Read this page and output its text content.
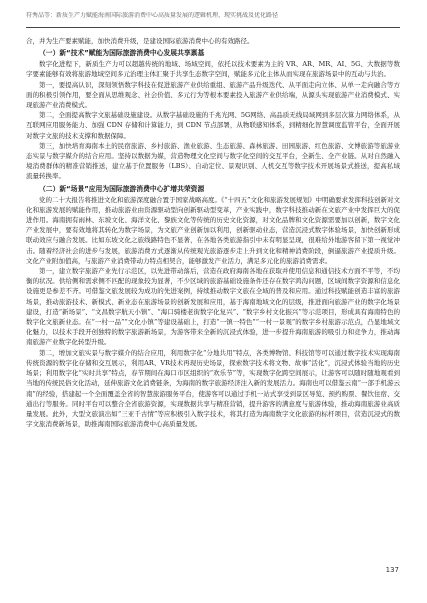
符秀品等：新质生产力赋能海南国际旅游消费中心高质量发展的逻辑机理、现实挑战及优化路径

合，并为生产要素赋能，加快消费升级，是建设国际旅游消费中心的有效路径。

（一）新“技术”赋能为国际旅游消费中心发展共享禀基

数字化进程下，新质生产力可以超越传统的地域、场域空间，依托以技术要素为主的 VR、AR、MR、AI、5G、大数据等数字要素能够有效将旅游地域空间多元治理主体汇聚于共享生态数字空间，赋能多元化主体从而实现在旅游场景中的互动与共治。

第一，要提高认识，深刻领悟数字科技在促进旅游产业供给重组、旅游产品升级迭代、从平面走向立体、从单一走向融合等方面的积极引领作用，要全面从思维观念、社会价值、多元行为等根本要素投入旅游产业供给端，从源头实现旅游产业消费模式、实现旅游产业消费模式。

第二，全面提高数字文旅基础设施建设。从数字基础设施的千兆光网、5G网络、高品质无线局域网到多层次算力网络体系，从互联网应用服务能力、加强 CDN 存储和计算能力，到 CDN 节点部署，从物联感知体系，到精细化智慧调度监管平台，全面开展对数字文旅的技术支撑和数据保障。

第三，加快培育海南本土的民宿旅游、乡村旅游、渔业旅游、生态旅游、森林旅游、田园旅游、红色旅游、文博旅游等旅游业态实景与数字媒介的结合应用。坚持以数据为媒，营造物理文化空间与数字化空间的交互平台，全新生、全产业链。从对自然融入境消费群体的精准营销推送，建立基于位置服务（LBS）、自动定位、景观识别、人机交互等数字技术开展场景式推送，提高私域流量转换率。

（二）新“场景”应用为国际旅游消费中心扩增共荣资源

党的二十大报告将推进文化和旅游深度融合置于国家战略高度。《“十四五”文化和旅游发展规划》中明确要求发挥科技创新对文化和旅游发展的赋能作用，推动旅游业由资源驱动型向创新驱动型变革，产业实践中，数字科技推动新在文旅产业中发挥巨大的促进作用。海南拥有雨林、东坡文化、海洋文化、黎族文化等传统的历史文化资源，对文化品牌和文化资源需要加以创新，数字文化产业发展中，要有效地将其转化为数字场景，为文旅产业创新加以利用，创新驱动业态，营造沉浸式数字体验场景，加快创新形成联动效应与融合发展。比如东坡文化之旅线路特色不显著，在各地各类旅游指引中未有明显呈现，很难给外地游客留下第一视觉冲击。随着经济社会的进步与发展，旅游消费方式逐渐从传统观光旅游逐步走上升到文化和精神消费阶段，倒逼旅游产业提质升级。文化产业附加值高，与旅游产业消费带动力特点相契合，能够激发产业活力，满足多元化的旅游消费需求。

第一，建立数字旅游产业先行示范区，以先进带动落后，营造在政府海南各地在获取并使用信息和通信技术方面不平等，不均衡的状况。供给侧和需求侧不匹配的现象较为显著，不少区域的旅游基础设施条件还存在数字鸿沟问题，区域间数字资源和信息化设施更是参差不齐。可借鉴文旅发展较为成功的先进案例，持续推动数字文旅在全域的普及和应用。通过科技赋能创造丰富的旅游场景，推动旅游技术、新模式、新业态在旅游场景的创新发展和应用，基于海南地域文化的层级，推进面向旅游产业的数字化场景建设，打造“新场景”、“文昌数字航天小镇”、“海口骑楼老街数字化复兴”、“数字乡村文化振兴”等示范项目，形成具有海南特色的数字化文旅新业态。在“一村一品”“文化小镇”等建设基础上，打造“一镇一特色”“一村一景观”的数字乡村旅游示范点，凸显地域文化魅力，以技术手段开创独特的数字旅游新场景，为游客带来全新的沉浸式体验，进一步提升海南旅游的吸引力和竞争力，推动海南旅游产业数字化转型升级。

第二，增加文旅实景与数字媒介的结合应用，利用数字化“分地共用”特点，各类博物馆、科技馆等可以通过数字技术实现海南传统资源的数字化存储和交互展示，利用AR、VR技术再现历史场景，探索数字技术将文物、故事“活化”，沉浸式体验当地的历史场景；利用数字化“实时共享”特点，春节期间在海口市区组织的“欢乐节”等，实现数字化跨空间展示，让游客可以随时随地观看到当地的传统民俗文化活动，延伸旅游文化消费链条，为海南的数字旅游经济注入新的发展活力。海南也可以借鉴云南“一部手机游云南”的经验，搭建起一个全面覆盖全省的智慧旅游服务平台，使游客可以通过手机一站式享受到景区导览、预约购票、餐饮住宿、交通出行等服务。同时平台可以整合全省旅游资源，实现数据共享与精准营销，提升游客的满意度与旅游体验，推动海南旅游业高质量发展。此外，大型文旅演出如“三亚千古情”等应积极引入数字技术，将其打造为海南数字文化旅游的标杆项目，营造沉浸式的数字文旅消费新场景，助推海南国际旅游消费中心高质量发展。

137
